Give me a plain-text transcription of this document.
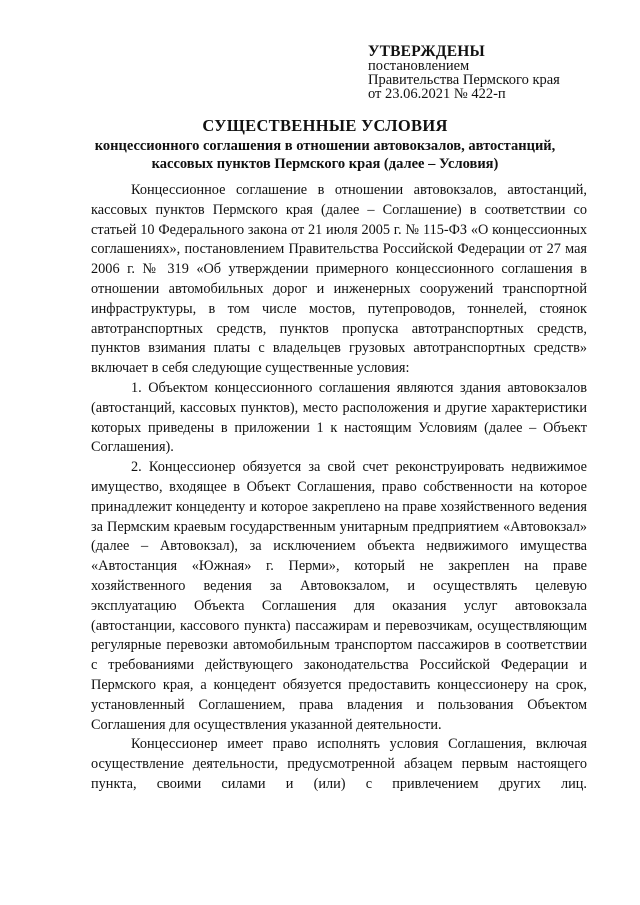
УТВЕРЖДЕНЫ
постановлением
Правительства Пермского края
от 23.06.2021 № 422-п
СУЩЕСТВЕННЫЕ УСЛОВИЯ
концессионного соглашения в отношении автовокзалов, автостанций,
кассовых пунктов Пермского края (далее – Условия)

Концессионное соглашение в отношении автовокзалов, автостанций, кассовых пунктов Пермского края (далее – Соглашение) в соответствии со статьей 10 Федерального закона от 21 июля 2005 г. № 115-ФЗ «О концессионных соглашениях», постановлением Правительства Российской Федерации от 27 мая 2006 г. № 319 «Об утверждении примерного концессионного соглашения в отношении автомобильных дорог и инженерных сооружений транспортной инфраструктуры, в том числе мостов, путепроводов, тоннелей, стоянок автотранспортных средств, пунктов пропуска автотранспортных средств, пунктов взимания платы с владельцев грузовых автотранспортных средств» включает в себя следующие существенные условия:

1. Объектом концессионного соглашения являются здания автовокзалов (автостанций, кассовых пунктов), место расположения и другие характеристики которых приведены в приложении 1 к настоящим Условиям (далее – Объект Соглашения).

2. Концессионер обязуется за свой счет реконструировать недвижимое имущество, входящее в Объект Соглашения, право собственности на которое принадлежит концеденту и которое закреплено на праве хозяйственного ведения за Пермским краевым государственным унитарным предприятием «Автовокзал» (далее – Автовокзал), за исключением объекта недвижимого имущества «Автостанция «Южная» г. Перми», который не закреплен на праве хозяйственного ведения за Автовокзалом, и осуществлять целевую эксплуатацию Объекта Соглашения для оказания услуг автовокзала (автостанции, кассового пункта) пассажирам и перевозчикам, осуществляющим регулярные перевозки автомобильным транспортом пассажиров в соответствии с требованиями действующего законодательства Российской Федерации и Пермского края, а концедент обязуется предоставить концессионеру на срок, установленный Соглашением, права владения и пользования Объектом Соглашения для осуществления указанной деятельности.

Концессионер имеет право исполнять условия Соглашения, включая осуществление деятельности, предусмотренной абзацем первым настоящего пункта, своими силами и (или) с привлечением других лиц.
